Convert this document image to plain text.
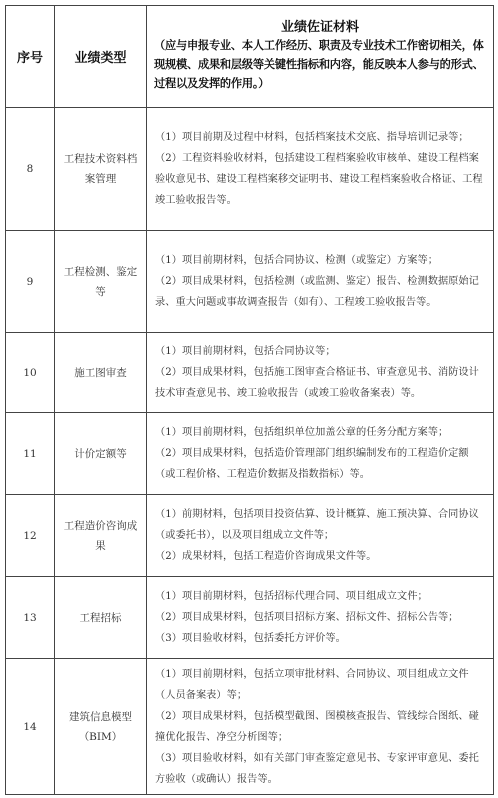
序号	业绩类型	业绩佐证材料
（应与申报专业、本人工作经历、职责及专业技术工作密切相关，体现规模、成果和层级等关键性指标和内容，能反映本人参与的形式、过程以及发挥的作用。）

8	工程技术资料档案管理	（1）项目前期及过程中材料，包括档案技术交底、指导培训记录等；

（2）工程资料验收材料，包括建设工程档案验收审核单、建设工程档案验收意见书、建设工程档案移交证明书、建设工程档案验收合格证、工程竣工验收报告等。

9	工程检测、鉴定等	（1）项目前期材料，包括合同协议、检测（或鉴定）方案等；

（2）项目成果材料，包括检测（或监测、鉴定）报告、检测数据原始记录、重大问题或事故调查报告（如有）、工程竣工验收报告等。

10	施工图审查	（1）项目前期材料，包括合同协议等；

（2）项目成果材料，包括施工图审查合格证书、审查意见书、消防设计技术审查意见书、竣工验收报告（或竣工验收备案表）等。

11	计价定额等	（1）项目前期材料，包括组织单位加盖公章的任务分配方案等；

（2）项目成果材料，包括造价管理部门组织编制发布的工程造价定额（或工程价格、工程造价数据及指数指标）等。

12	工程造价咨询成果	（1）前期材料，包括项目投资估算、设计概算、施工预决算、合同协议（或委托书），以及项目组成立文件等；

（2）成果材料，包括工程造价咨询成果文件等。

13	工程招标	（1）项目前期材料，包括招标代理合同、项目组成立文件；

（2）项目成果材料，包括项目招标方案、招标文件、招标公告等；

（3）项目验收材料，包括委托方评价等。

14	建筑信息模型（BIM）	（1）项目前期材料，包括立项审批材料、合同协议、项目组成立文件（人员备案表）等；

（2）项目成果材料，包括模型截图、图模核查报告、管线综合图纸、碰撞优化报告、净空分析图等；

（3）项目验收材料，如有关部门审查鉴定意见书、专家评审意见、委托方验收（或确认）报告等。
